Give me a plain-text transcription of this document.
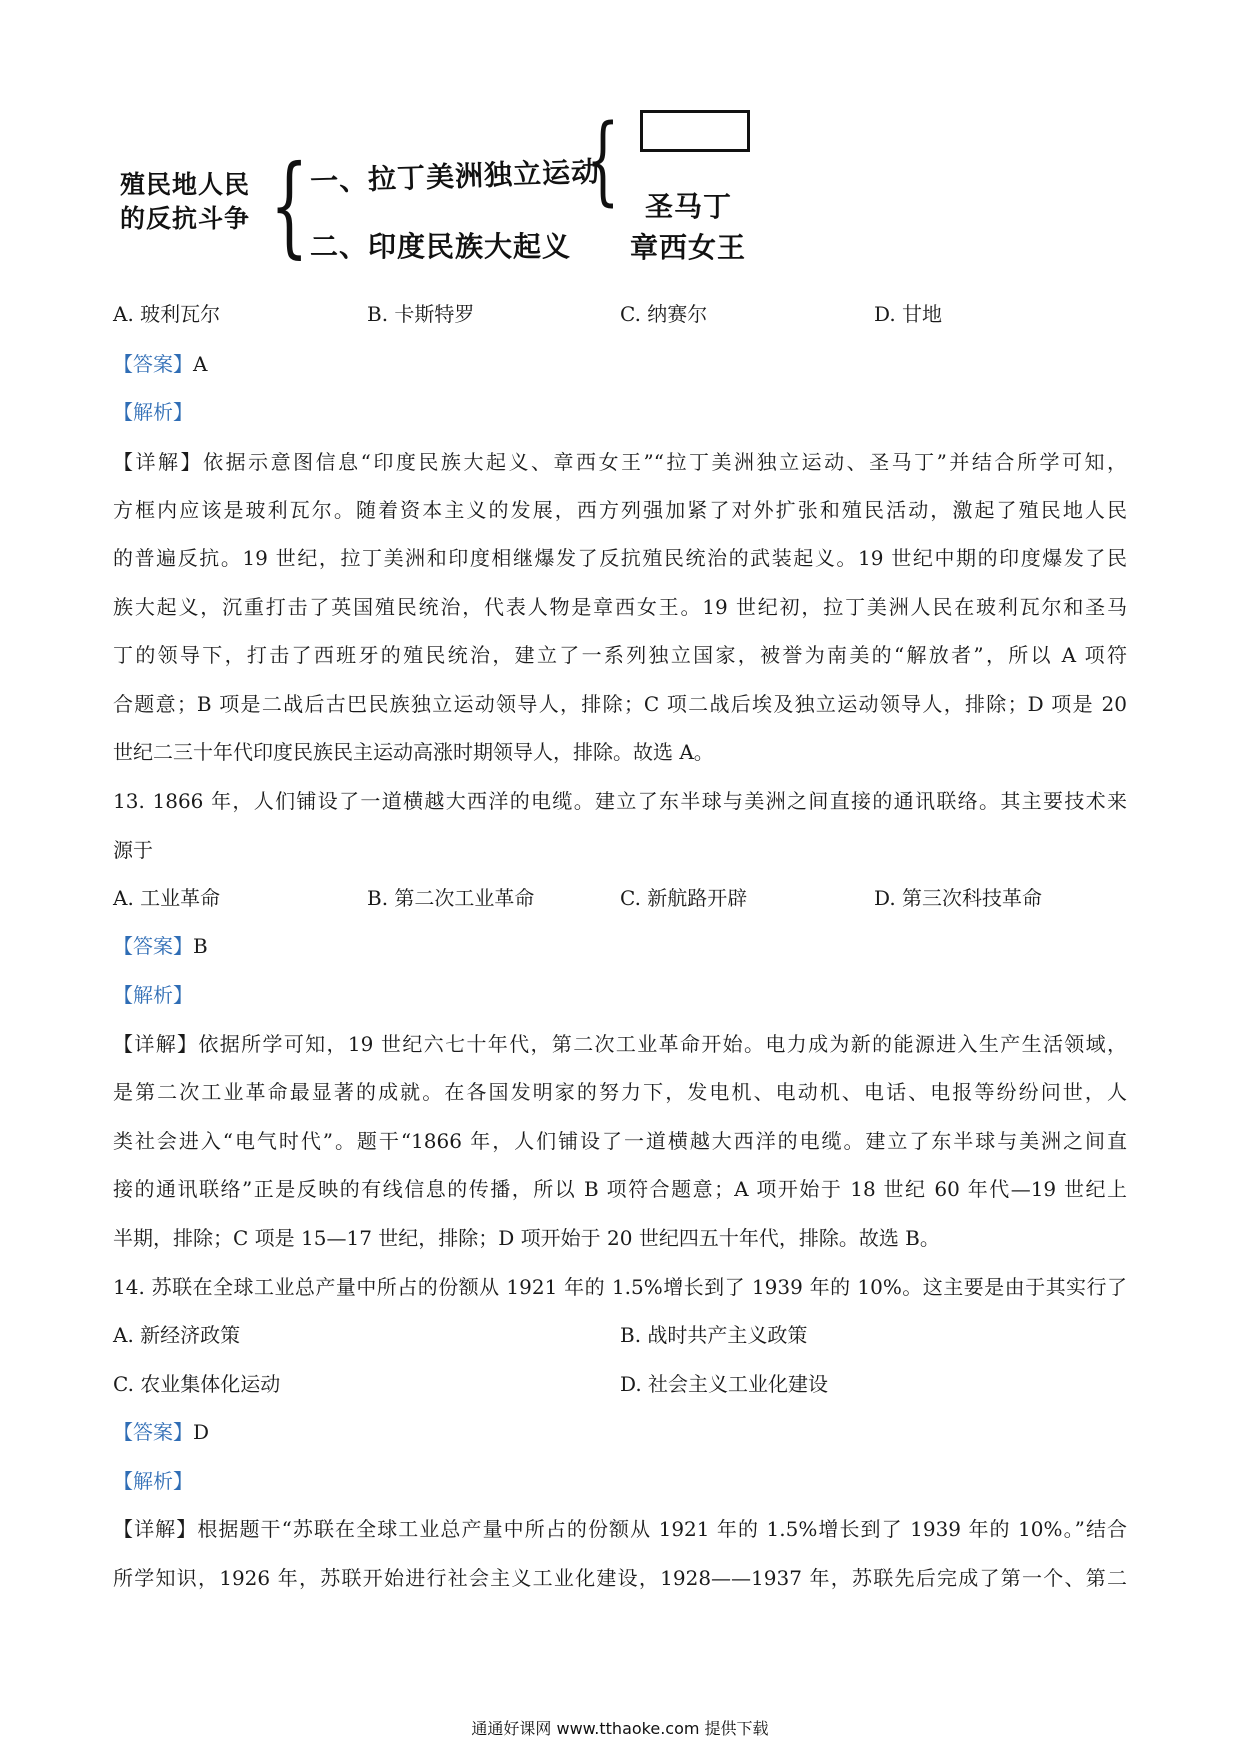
殖民地人民的反抗斗争 { 一、拉丁美洲独立运动
二、印度民族大起义
{ 圣马丁
章西女王
A. 玻利瓦尔	B. 卡斯特罗	C. 纳赛尔	D. 甘地
【答案】A
【解析】
【详解】依据示意图信息“印度民族大起义、章西女王”“拉丁美洲独立运动、圣马丁”并结合所学可知，
方框内应该是玻利瓦尔。随着资本主义的发展，西方列强加紧了对外扩张和殖民活动，激起了殖民地人民
的普遍反抗。19 世纪，拉丁美洲和印度相继爆发了反抗殖民统治的武装起义。19 世纪中期的印度爆发了民
族大起义，沉重打击了英国殖民统治，代表人物是章西女王。19 世纪初，拉丁美洲人民在玻利瓦尔和圣马
丁的领导下，打击了西班牙的殖民统治，建立了一系列独立国家，被誉为南美的“解放者”，所以 A 项符
合题意；B 项是二战后古巴民族独立运动领导人，排除；C 项二战后埃及独立运动领导人，排除；D 项是 20
世纪二三十年代印度民族民主运动高涨时期领导人，排除。故选 A。
13. 1866 年，人们铺设了一道横越大西洋的电缆。建立了东半球与美洲之间直接的通讯联络。其主要技术来
源于
A. 工业革命	B. 第二次工业革命	C. 新航路开辟	D. 第三次科技革命
【答案】B
【解析】
【详解】依据所学可知，19 世纪六七十年代，第二次工业革命开始。电力成为新的能源进入生产生活领域，
是第二次工业革命最显著的成就。在各国发明家的努力下，发电机、电动机、电话、电报等纷纷问世，人
类社会进入“电气时代”。题干“1866 年，人们铺设了一道横越大西洋的电缆。建立了东半球与美洲之间直
接的通讯联络”正是反映的有线信息的传播，所以 B 项符合题意；A 项开始于 18 世纪 60 年代—19 世纪上
半期，排除；C 项是 15—17 世纪，排除；D 项开始于 20 世纪四五十年代，排除。故选 B。
14. 苏联在全球工业总产量中所占的份额从 1921 年的 1.5%增长到了 1939 年的 10%。这主要是由于其实行了
A. 新经济政策	B. 战时共产主义政策
C. 农业集体化运动	D. 社会主义工业化建设
【答案】D
【解析】
【详解】根据题干“苏联在全球工业总产量中所占的份额从 1921 年的 1.5%增长到了 1939 年的 10%。”结合
所学知识，1926 年，苏联开始进行社会主义工业化建设，1928——1937 年，苏联先后完成了第一个、第二
通通好课网 www.tthaoke.com 提供下载
